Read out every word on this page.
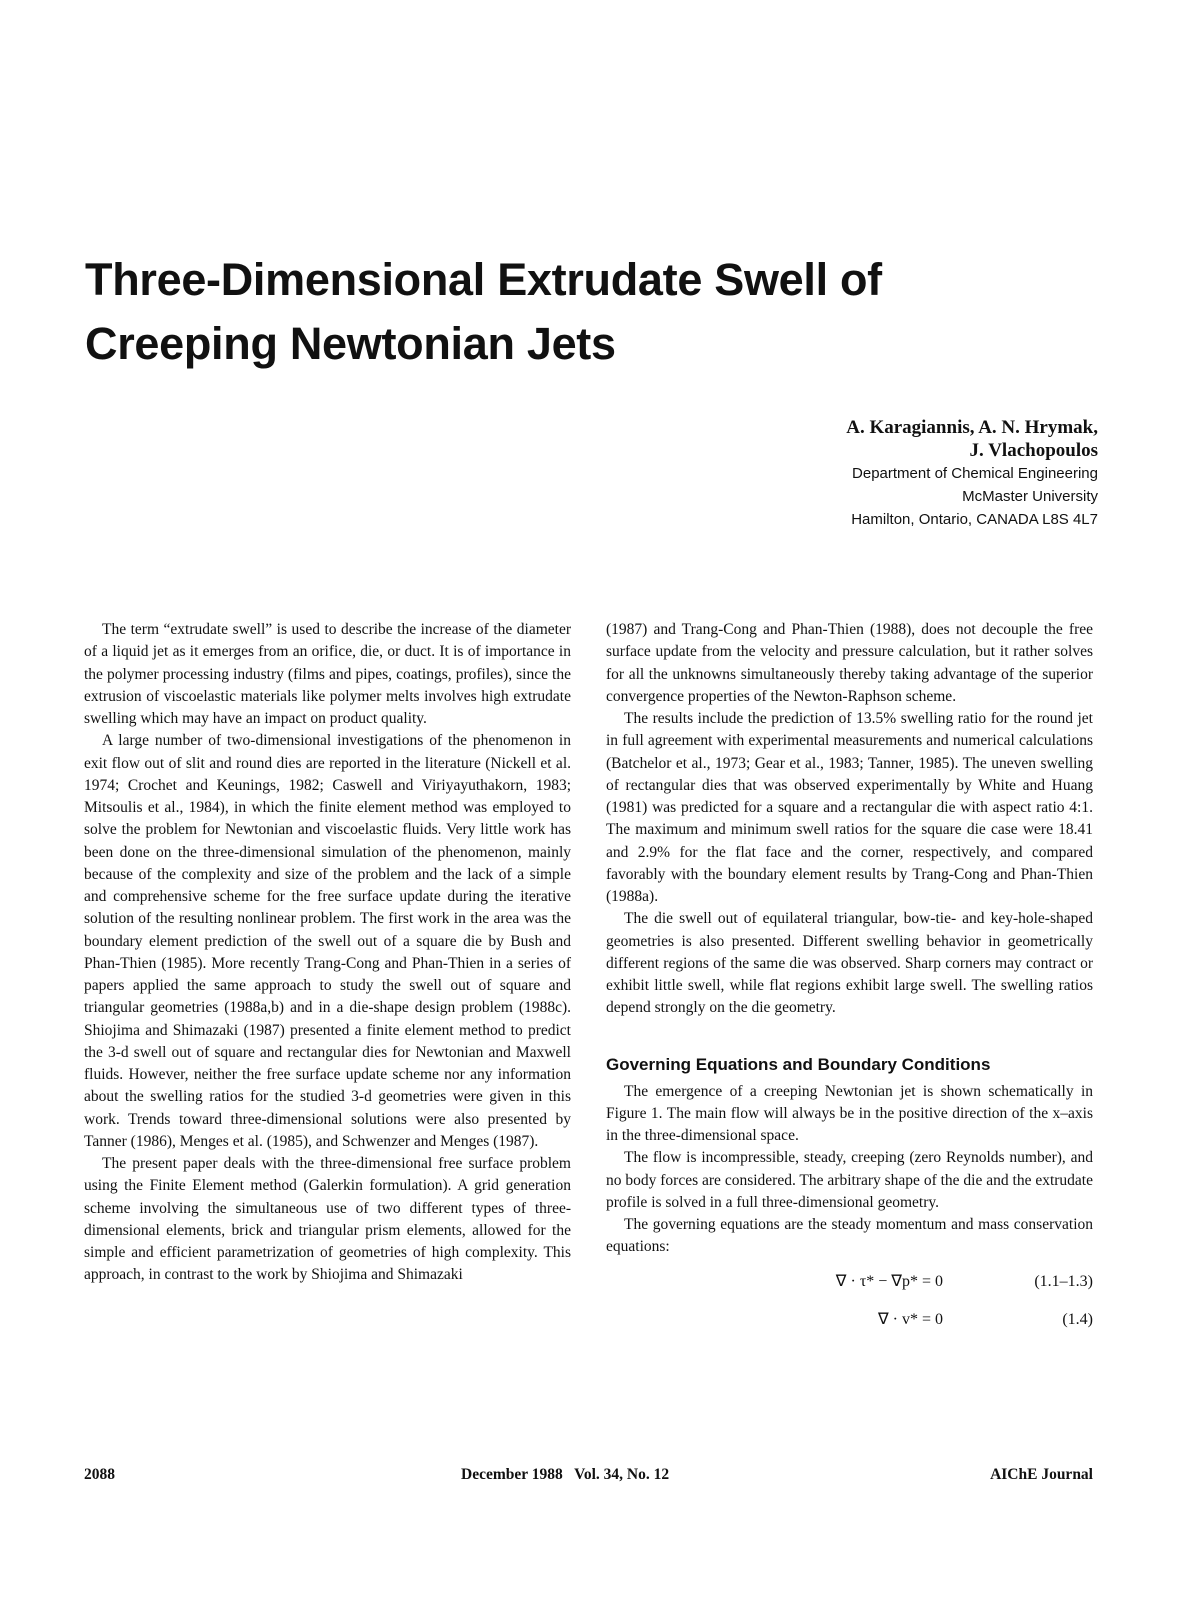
Three-Dimensional Extrudate Swell of
Creeping Newtonian Jets
A. Karagiannis, A. N. Hrymak,
J. Vlachopoulos
Department of Chemical Engineering
McMaster University
Hamilton, Ontario, CANADA L8S 4L7

The term “extrudate swell” is used to describe the increase of the diameter of a liquid jet as it emerges from an orifice, die, or duct. It is of importance in the polymer processing industry (films and pipes, coatings, profiles), since the extrusion of viscoelastic materials like polymer melts involves high extrudate swelling which may have an impact on product quality.

A large number of two-dimensional investigations of the phenomenon in exit flow out of slit and round dies are reported in the literature (Nickell et al. 1974; Crochet and Keunings, 1982; Caswell and Viriyayuthakorn, 1983; Mitsoulis et al., 1984), in which the finite element method was employed to solve the problem for Newtonian and viscoelastic fluids. Very little work has been done on the three-dimensional simulation of the phenomenon, mainly because of the complexity and size of the problem and the lack of a simple and comprehensive scheme for the free surface update during the iterative solution of the resulting nonlinear problem. The first work in the area was the boundary element prediction of the swell out of a square die by Bush and Phan-Thien (1985). More recently Trang-Cong and Phan-Thien in a series of papers applied the same approach to study the swell out of square and triangular geometries (1988a,b) and in a die-shape design problem (1988c). Shiojima and Shimazaki (1987) presented a finite element method to predict the 3-d swell out of square and rectangular dies for Newtonian and Maxwell fluids. However, neither the free surface update scheme nor any information about the swelling ratios for the studied 3-d geometries were given in this work. Trends toward three-dimensional solutions were also presented by Tanner (1986), Menges et al. (1985), and Schwenzer and Menges (1987).

The present paper deals with the three-dimensional free surface problem using the Finite Element method (Galerkin formulation). A grid generation scheme involving the simultaneous use of two different types of three-dimensional elements, brick and triangular prism elements, allowed for the simple and efficient parametrization of geometries of high complexity. This approach, in contrast to the work by Shiojima and Shimazaki

(1987) and Trang-Cong and Phan-Thien (1988), does not decouple the free surface update from the velocity and pressure calculation, but it rather solves for all the unknowns simultaneously thereby taking advantage of the superior convergence properties of the Newton-Raphson scheme.

The results include the prediction of 13.5% swelling ratio for the round jet in full agreement with experimental measurements and numerical calculations (Batchelor et al., 1973; Gear et al., 1983; Tanner, 1985). The uneven swelling of rectangular dies that was observed experimentally by White and Huang (1981) was predicted for a square and a rectangular die with aspect ratio 4:1. The maximum and minimum swell ratios for the square die case were 18.41 and 2.9% for the flat face and the corner, respectively, and compared favorably with the boundary element results by Trang-Cong and Phan-Thien (1988a).

The die swell out of equilateral triangular, bow-tie- and key-hole-shaped geometries is also presented. Different swelling behavior in geometrically different regions of the same die was observed. Sharp corners may contract or exhibit little swell, while flat regions exhibit large swell. The swelling ratios depend strongly on the die geometry.

Governing Equations and Boundary Conditions

The emergence of a creeping Newtonian jet is shown schematically in Figure 1. The main flow will always be in the positive direction of the x–axis in the three-dimensional space.

The flow is incompressible, steady, creeping (zero Reynolds number), and no body forces are considered. The arbitrary shape of the die and the extrudate profile is solved in a full three-dimensional geometry.

The governing equations are the steady momentum and mass conservation equations:

∇ · τ* − ∇p* = 0	(1.1–1.3)
∇ · v* = 0	(1.4)
2088	December 1988   Vol. 34, No. 12	AIChE Journal
